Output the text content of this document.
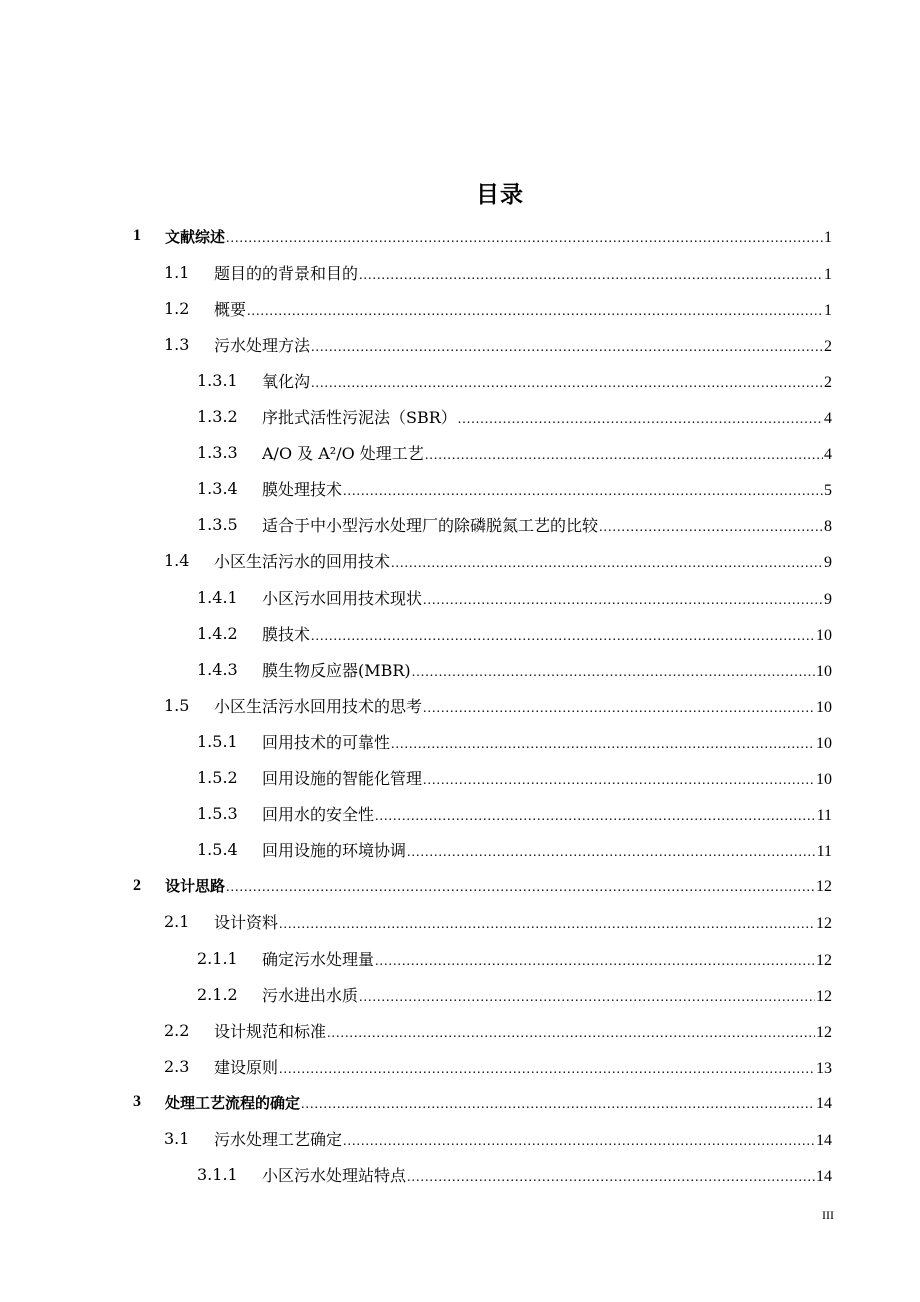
目录
1 文献综述 .....	1
1.1 题目的的背景和目的 .....	1
1.2 概要 .....	1
1.3 污水处理方法 .....	2
1.3.1 氧化沟 .....	2
1.3.2 序批式活性污泥法（SBR） .....	4
1.3.3 A/O 及 A²/O 处理工艺 .....	4
1.3.4 膜处理技术 .....	5
1.3.5 适合于中小型污水处理厂的除磷脱氮工艺的比较 .....	8
1.4 小区生活污水的回用技术 .....	9
1.4.1 小区污水回用技术现状 .....	9
1.4.2 膜技术 .....	10
1.4.3 膜生物反应器(MBR) .....	10
1.5 小区生活污水回用技术的思考 .....	10
1.5.1 回用技术的可靠性 .....	10
1.5.2 回用设施的智能化管理 .....	10
1.5.3 回用水的安全性 .....	11
1.5.4 回用设施的环境协调 .....	11
2 设计思路 .....	12
2.1 设计资料 .....	12
2.1.1 确定污水处理量 .....	12
2.1.2 污水进出水质 .....	12
2.2 设计规范和标准 .....	12
2.3 建设原则 .....	13
3 处理工艺流程的确定 .....	14
3.1 污水处理工艺确定 .....	14
3.1.1 小区污水处理站特点 .....	14
III
